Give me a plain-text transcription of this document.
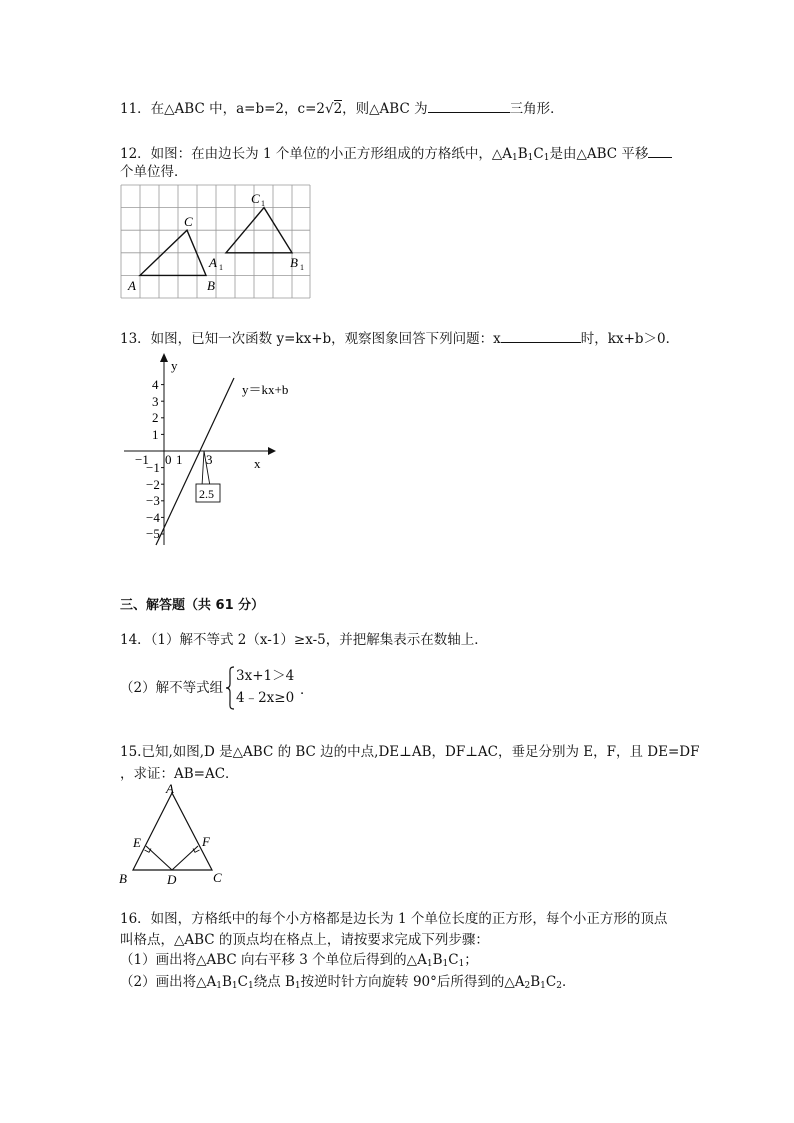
11．在△ABC 中，a=b=2，c=2√2，则△ABC 为	三角形．
12．如图：在由边长为 1 个单位的小正方形组成的方格纸中，$\triangle A_1B_1C_1$是由△ABC 平移
个单位得．
A	B
C
A 1	B 1
C 1
13．如图，已知一次函数 y=kx+b，观察图象回答下列问题：x	时，kx+b＞0．
y
x
4
3
2
1
−1
−2
−3
−4
−5
−1 0 1 3
y＝kx+b
2.5
三、解答题（共 61 分）
14．（1）解不等式 2（x-1）≥x-5，并把解集表示在数轴上．
（2）解不等式组
3x+1＞4
4﹣2x≥0 ．
15.已知,如图,D 是△ABC 的 BC 边的中点,DE⊥AB，DF⊥AC，垂足分别为 E，F，且 DE=DF
，求证：AB=AC．
A
B	C
D
E	F
16．如图，方格纸中的每个小方格都是边长为 1 个单位长度的正方形，每个小正方形的顶点
叫格点，△ABC 的顶点均在格点上，请按要求完成下列步骤：
（1）画出将△ABC 向右平移 3 个单位后得到的$\triangle A_1B_1C_1$；
（2）画出将$\triangle A_1B_1C_1$绕点 $B_1$按逆时针方向旋转 90°后所得到的$\triangle A_2B_1C_2$．
